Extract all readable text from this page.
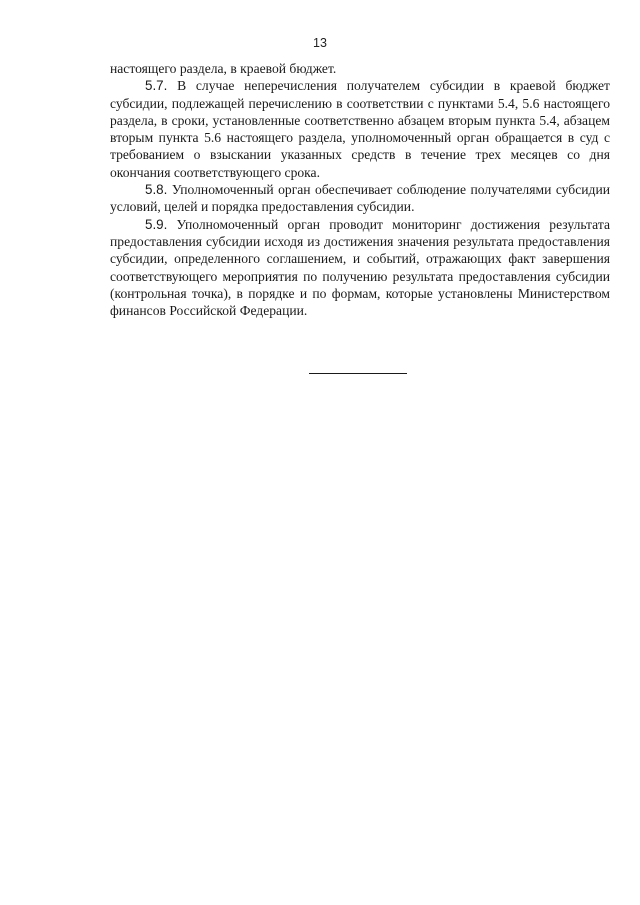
13

настоящего раздела, в краевой бюджет.

5.7. В случае неперечисления получателем субсидии в краевой бюджет субсидии, подлежащей перечислению в соответствии с пунктами 5.4, 5.6 настоящего раздела, в сроки, установленные соответственно абзацем вторым пункта 5.4, абзацем вторым пункта 5.6 настоящего раздела, уполномоченный орган обращается в суд с требованием о взыскании указанных средств в течение трех месяцев со дня окончания соответствующего срока.

5.8. Уполномоченный орган обеспечивает соблюдение получателями субсидии условий, целей и порядка предоставления субсидии.

5.9. Уполномоченный орган проводит мониторинг достижения результата предоставления субсидии исходя из достижения значения результата предоставления субсидии, определенного соглашением, и событий, отражающих факт завершения соответствующего мероприятия по получению результата предоставления субсидии (контрольная точка), в порядке и по формам, которые установлены Министерством финансов Российской Федерации.
